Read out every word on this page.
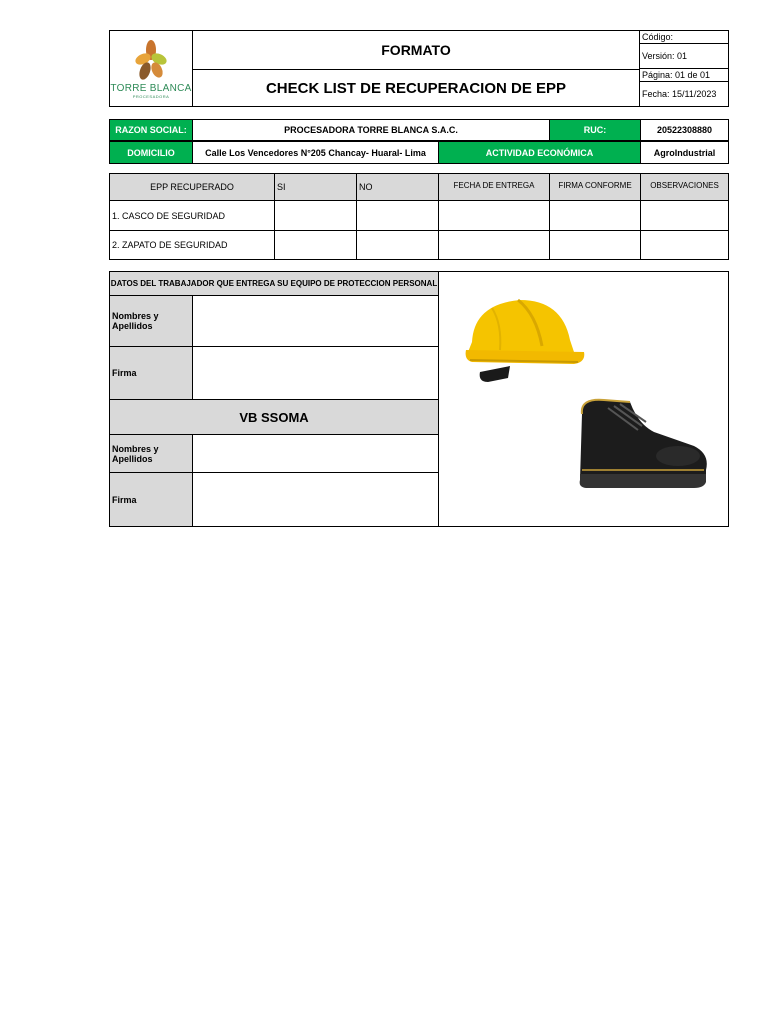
TORRE BLANCA
PROCESADORA
FORMATO
CHECK LIST DE RECUPERACION DE EPP
Código:
Versión: 01
Página: 01 de 01
Fecha: 15/11/2023
RAZON SOCIAL:	PROCESADORA TORRE BLANCA S.A.C.	RUC:	20522308880
DOMICILIO	Calle Los Vencedores N°205 Chancay- Huaral- Lima	ACTIVIDAD ECONÓMICA	AgroIndustrial
EPP RECUPERADO	SI	NO	FECHA DE ENTREGA	FIRMA CONFORME	OBSERVACIONES
1. CASCO DE SEGURIDAD
2. ZAPATO DE SEGURIDAD
DATOS DEL TRABAJADOR QUE ENTREGA SU EQUIPO DE PROTECCION PERSONAL
Nombres y Apellidos
Firma
VB SSOMA
Nombres y Apellidos
Firma
